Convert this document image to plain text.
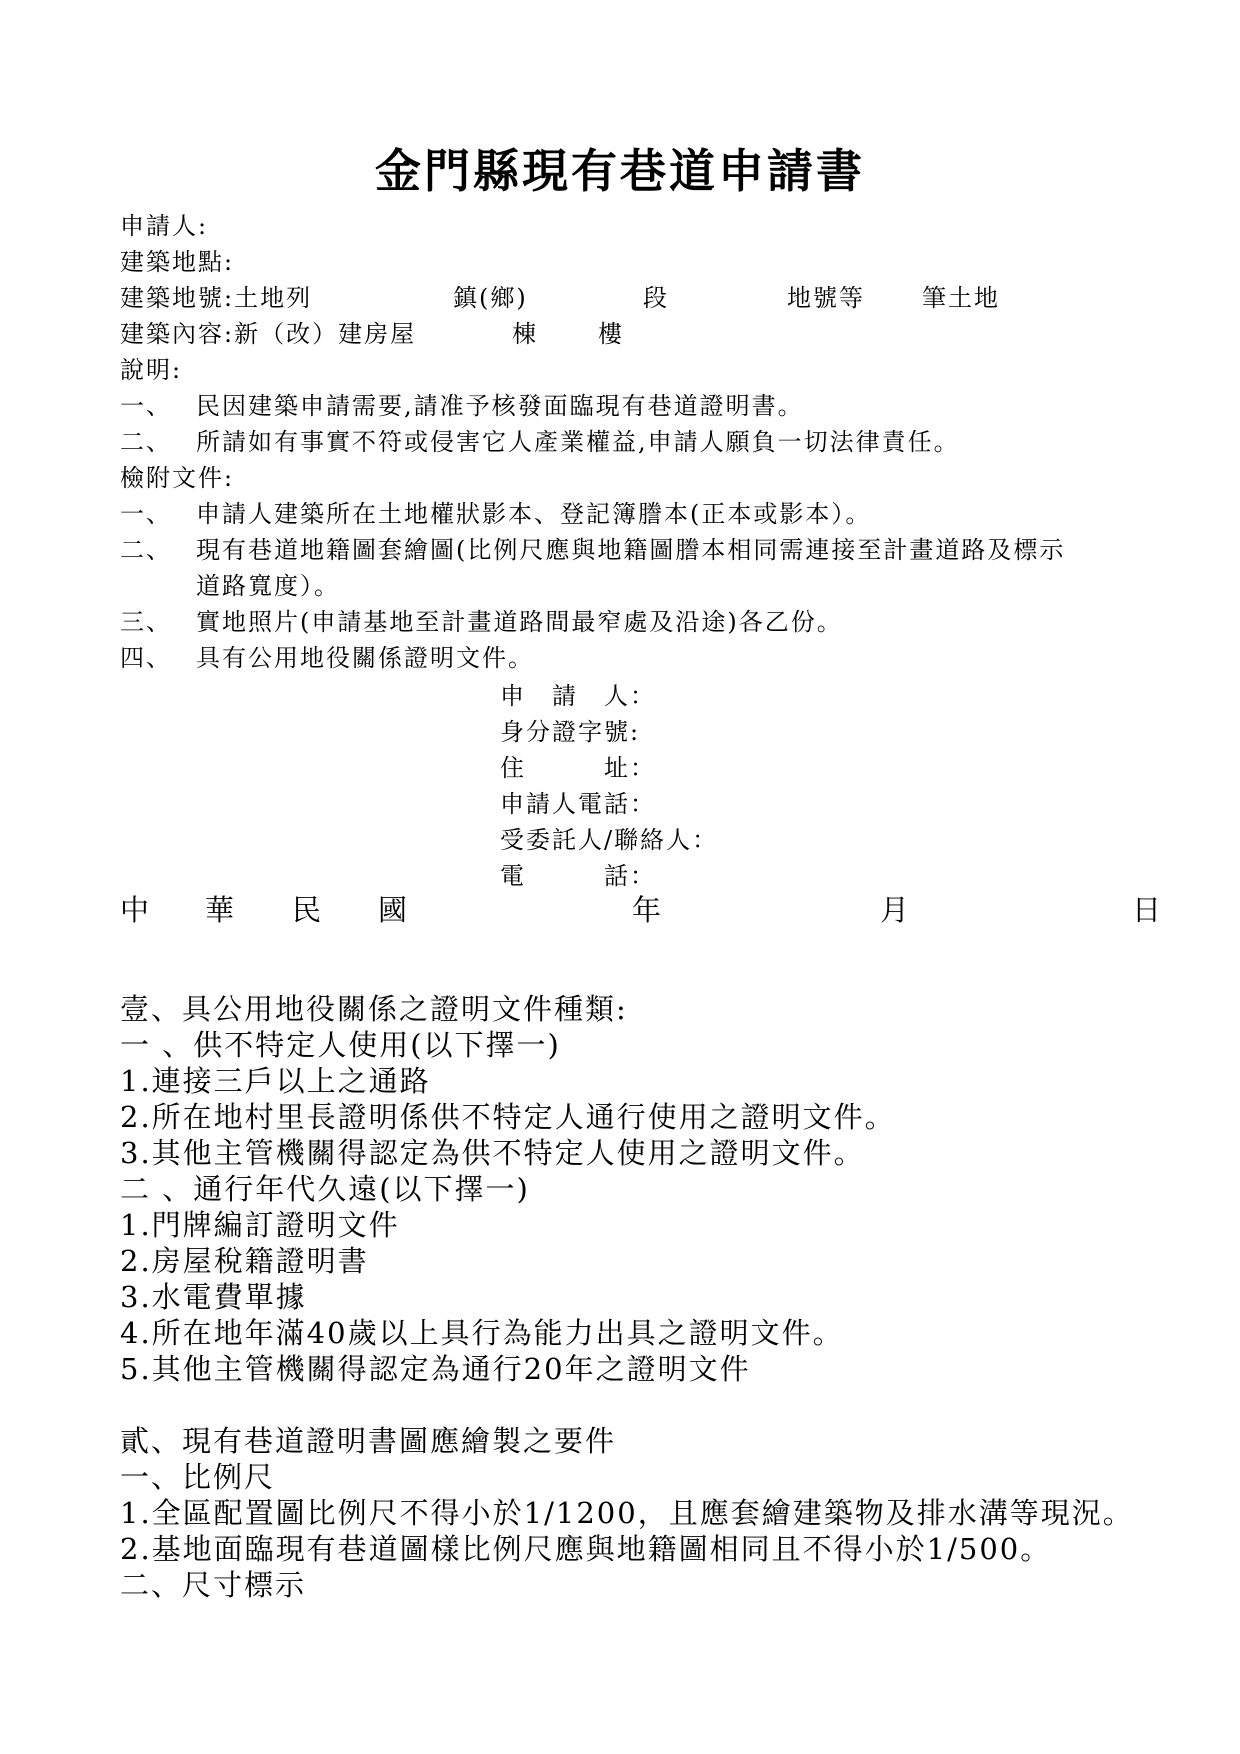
金門縣現有巷道申請書
申請人:
建築地點:
建築地號:土地列	鎮(鄉)	段	地號等 筆土地
建築內容:新（改）建房屋	棟	樓
說明:
一、 民因建築申請需要,請准予核發面臨現有巷道證明書。
二、 所請如有事實不符或侵害它人產業權益,申請人願負一切法律責任。
檢附文件:
一、 申請人建築所在土地權狀影本、登記簿謄本(正本或影本）。
二、 現有巷道地籍圖套繪圖(比例尺應與地籍圖謄本相同需連接至計畫道路及標示
道路寬度）。
三、 實地照片(申請基地至計畫道路間最窄處及沿途)各乙份。
四、 具有公用地役關係證明文件。
申　請　人：
身分證字號:
住　　　址：
申請人電話：
受委託人/聯絡人：
電　　　話：
中 華 民 國	年	月	日
壹、具公用地役關係之證明文件種類:
一 、供不特定人使用(以下擇一)
1.連接三戶以上之通路
2.所在地村里長證明係供不特定人通行使用之證明文件。
3.其他主管機關得認定為供不特定人使用之證明文件。
二 、通行年代久遠(以下擇一)
1.門牌編訂證明文件
2.房屋稅籍證明書
3.水電費單據
4.所在地年滿40歲以上具行為能力出具之證明文件。
5.其他主管機關得認定為通行20年之證明文件
貳、現有巷道證明書圖應繪製之要件
一、比例尺
1.全區配置圖比例尺不得小於1/1200，且應套繪建築物及排水溝等現況。
2.基地面臨現有巷道圖樣比例尺應與地籍圖相同且不得小於1/500。
二、尺寸標示
